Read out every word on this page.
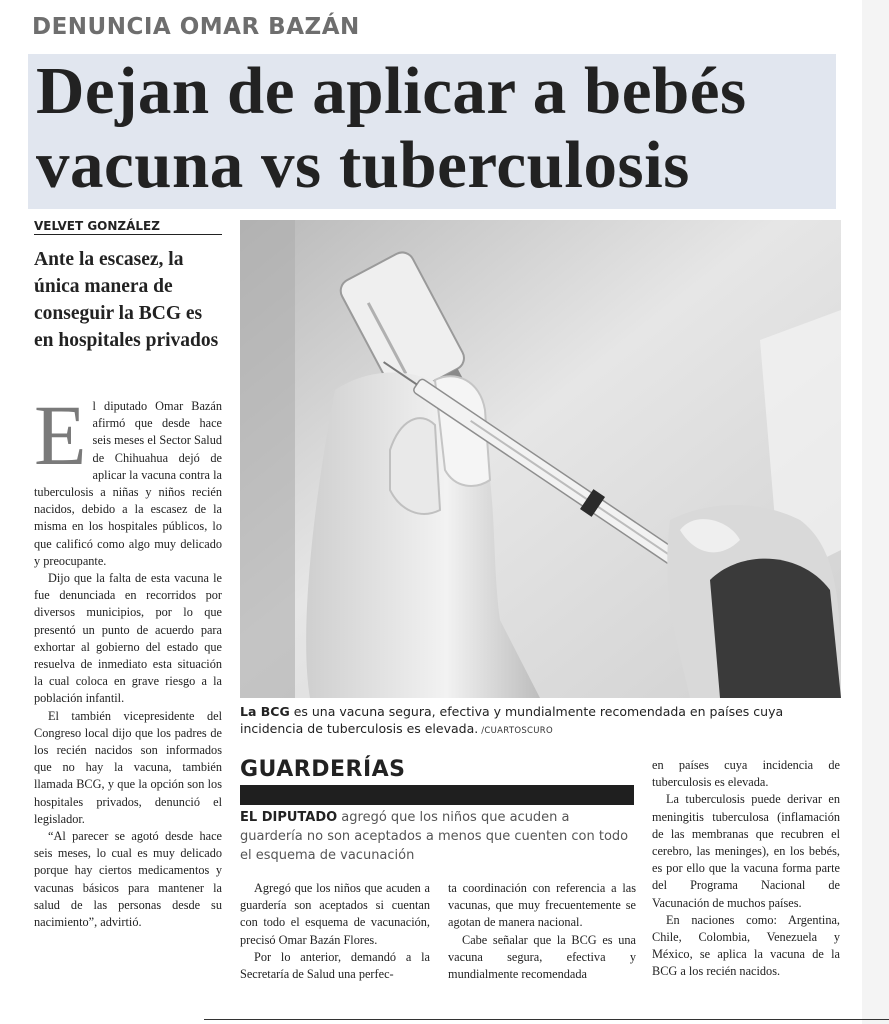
DENUNCIA OMAR BAZÁN
Dejan de aplicar a bebés vacuna vs tuberculosis
VELVET GONZÁLEZ
Ante la escasez, la única manera de conseguir la BCG es en hospitales privados
La BCG es una vacuna segura, efectiva y mundialmente recomendada en países cuya incidencia de tuberculosis es elevada. /CUARTOSCURO
E l diputado Omar Bazán afirmó que desde hace seis meses el Sector Salud de Chihuahua dejó de aplicar la vacuna contra la tuberculosis a niñas y niños recién nacidos, debido a la escasez de la misma en los hospitales públicos, lo que calificó como algo muy delicado y preocupante.

Dijo que la falta de esta vacuna le fue denunciada en recorridos por diversos municipios, por lo que presentó un punto de acuerdo para exhortar al gobierno del estado que resuelva de inmediato esta situación la cual coloca en grave riesgo a la población infantil.

El también vicepresidente del Congreso local dijo que los padres de los recién nacidos son informados que no hay la vacuna, también llamada BCG, y que la opción son los hospitales privados, denunció el legislador.

“Al parecer se agotó desde hace seis meses, lo cual es muy delicado porque hay ciertos medicamentos y vacunas básicos para mantener la salud de las personas desde su nacimiento”, advirtió.

GUARDERÍAS
EL DIPUTADO agregó que los niños que acuden a guardería no son aceptados a menos que cuenten con todo el esquema de vacunación

Agregó que los niños que acuden a guardería son aceptados si cuentan con todo el esquema de vacunación, precisó Omar Bazán Flores.

Por lo anterior, demandó a la Secretaría de Salud una perfec-

ta coordinación con referencia a las vacunas, que muy frecuentemente se agotan de manera nacional.

Cabe señalar que la BCG es una vacuna segura, efectiva y mundialmente recomendada

en países cuya incidencia de tuberculosis es elevada.

La tuberculosis puede derivar en meningitis tuberculosa (inflamación de las membranas que recubren el cerebro, las meninges), en los bebés, es por ello que la vacuna forma parte del Programa Nacional de Vacunación de muchos países.

En naciones como: Argentina, Chile, Colombia, Venezuela y México, se aplica la vacuna de la BCG a los recién nacidos.
